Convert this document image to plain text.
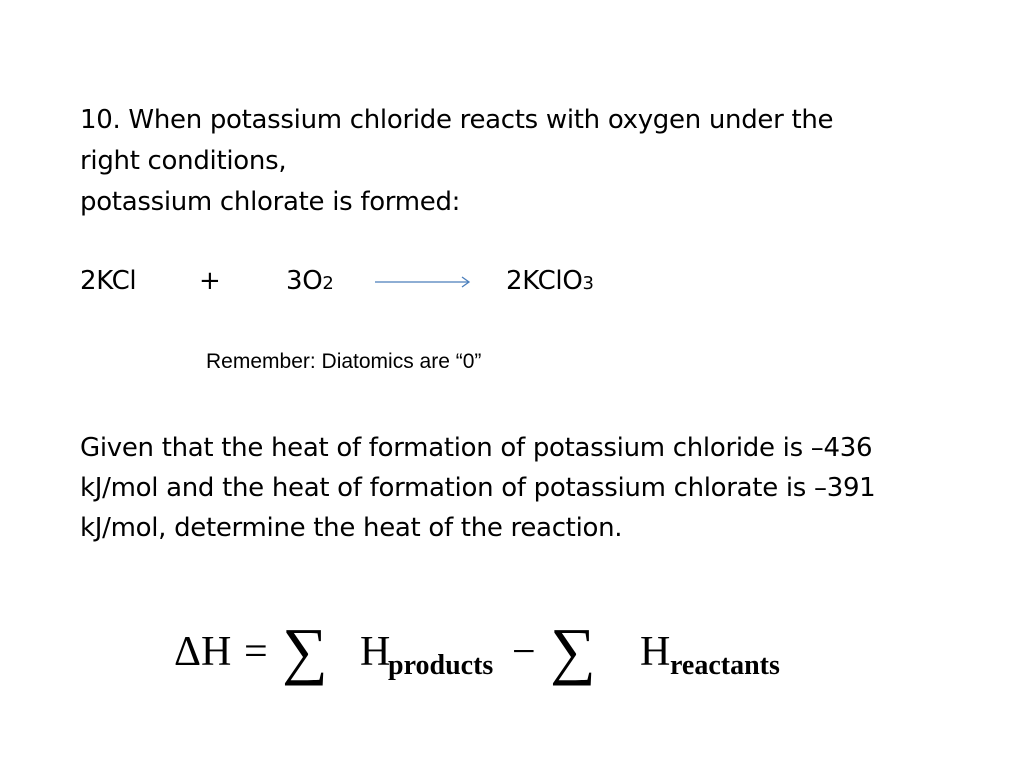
10. When potassium chloride reacts with oxygen under the
right conditions,
potassium chlorate is formed:
2KCl +	3O2	2KClO3
Remember: Diatomics are “0”
Given that the heat of formation of potassium chloride is –436
kJ/mol and the heat of formation of potassium chlorate is –391
kJ/mol, determine the heat of the reaction.
ΔH = ∑ H
products − ∑ H reactants
